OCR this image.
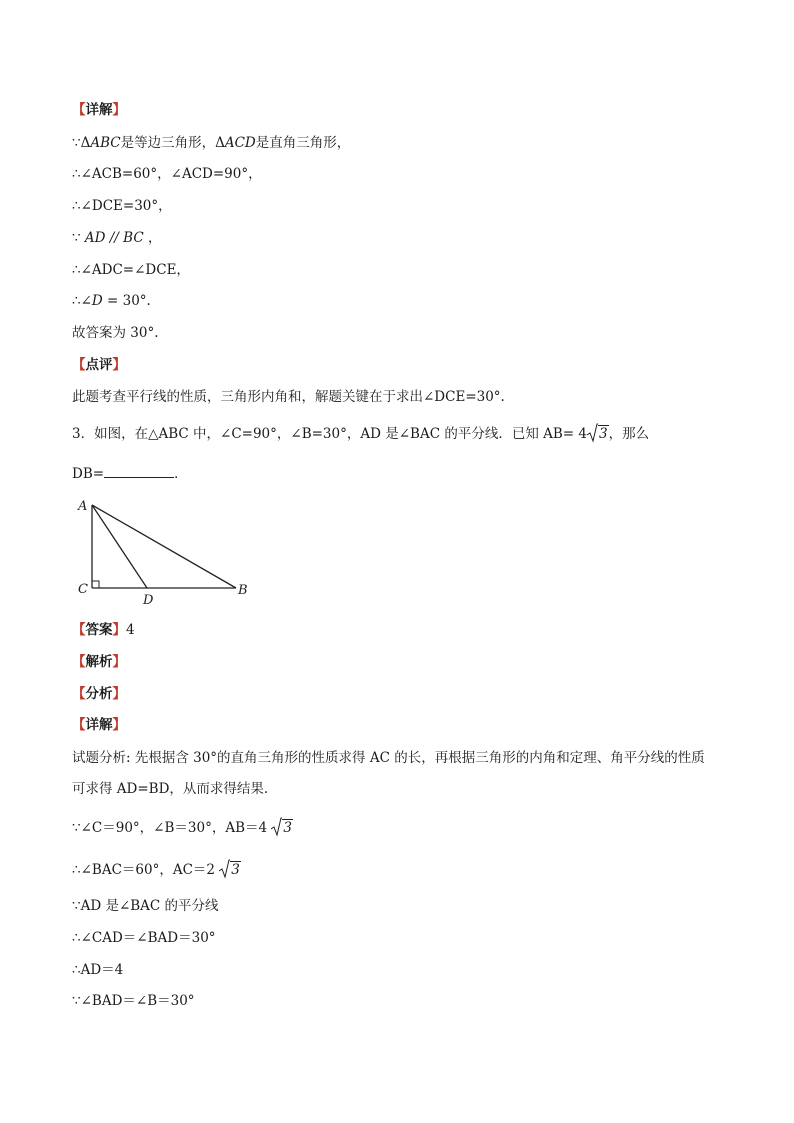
【详解】
∵ΔABC是等边三角形，ΔACD是直角三角形，
∴∠ACB=60°，∠ACD=90°，
∴∠DCE=30°，
∵ AD // BC ，
∴∠ADC=∠DCE，
∴∠D = 30°.
故答案为 30°.
【点评】
此题考查平行线的性质，三角形内角和，解题关键在于求出∠DCE=30°.
3．如图，在△ABC 中，∠C=90°，∠B=30°，AD 是∠BAC 的平分线．已知 AB= 4 3，那么
DB=	．
A
C
D
B
【答案】4
【解析】
【分析】
【详解】
试题分析: 先根据含 30°的直角三角形的性质求得 AC 的长，再根据三角形的内角和定理、角平分线的性质
可求得 AD=BD，从而求得结果.
∵∠C＝90°，∠B＝30°，AB＝4
3
∴∠BAC＝60°，AC＝2
3
∵AD 是∠BAC 的平分线
∴∠CAD＝∠BAD＝30°
∴AD＝4
∵∠BAD＝∠B＝30°
